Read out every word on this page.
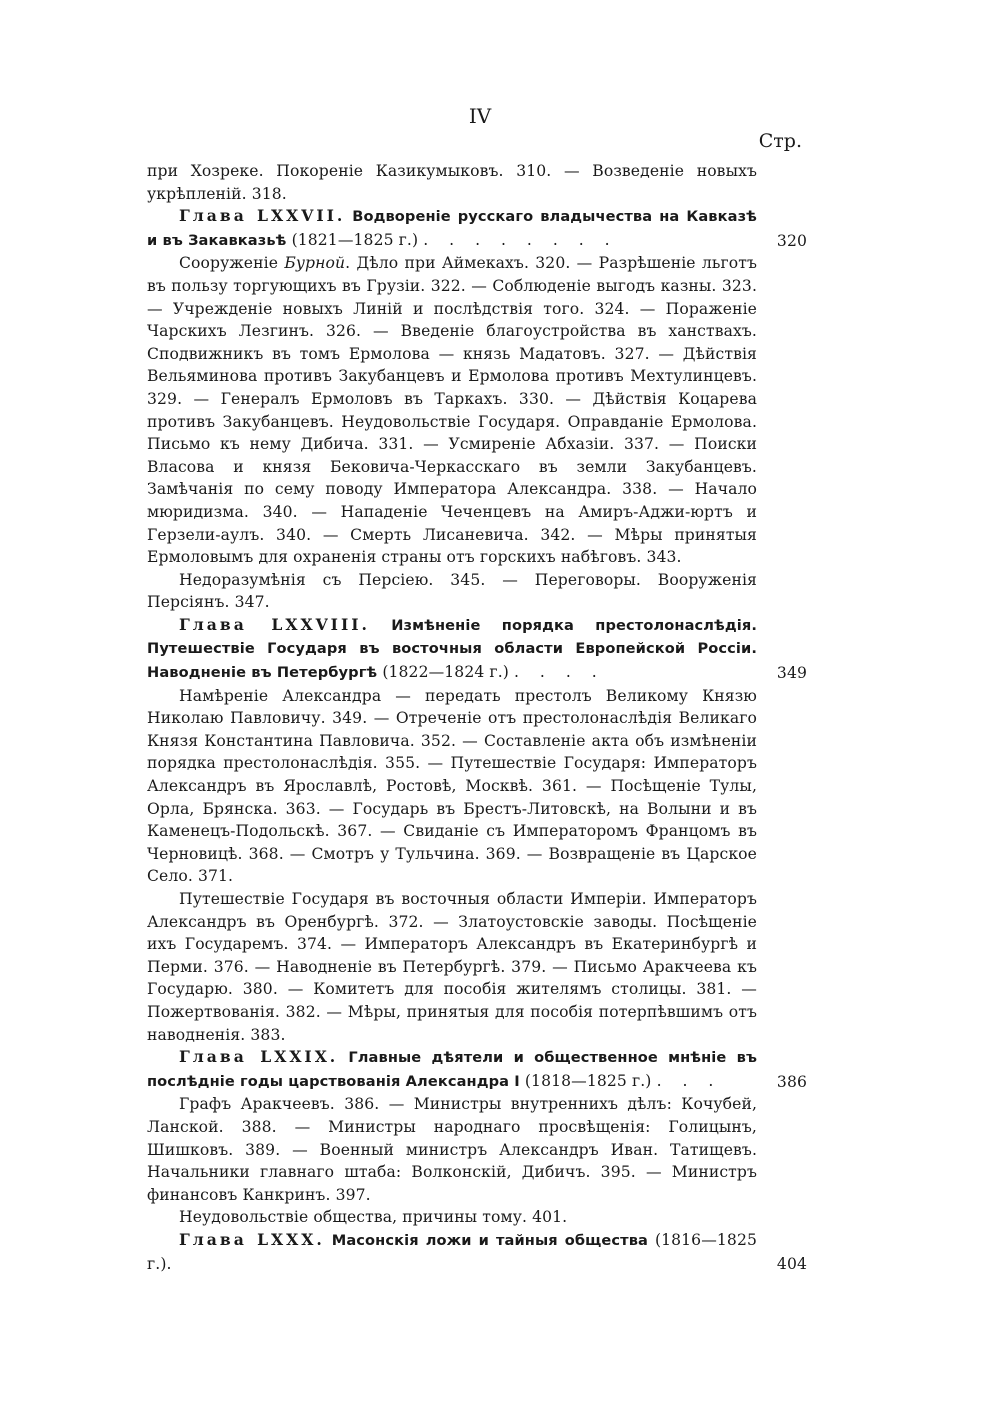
IV
Стр.

при Хозреке. Покореніе Казикумыковъ. 310. — Возведеніе новыхъ укрѣпленій. 318.

Глава LXXVII. Водвореніе русскаго владычества на Кавказѣ и въ Закавказьѣ (1821—1825 г.) . . . . . . . .	320

Сооруженіе Бурной. Дѣло при Аймекахъ. 320. — Разрѣшеніе льготъ въ пользу торгующихъ въ Грузіи. 322. — Соблюденіе выгодъ казны. 323. — Учрежденіе новыхъ Линій и послѣдствія того. 324. — Пораженіе Чарскихъ Лезгинъ. 326. — Введеніе благоустройства въ ханствахъ. Сподвижникъ въ томъ Ермолова — князь Мадатовъ. 327. — Дѣйствія Вельяминова противъ Закубанцевъ и Ермолова противъ Мехтулинцевъ. 329. — Генералъ Ермоловъ въ Таркахъ. 330. — Дѣйствія Коцарева противъ Закубанцевъ. Неудовольствіе Государя. Оправданіе Ермолова. Письмо къ нему Дибича. 331. — Усмиреніе Абхазіи. 337. — Поиски Власова и князя Бековича-Черкасскаго въ земли Закубанцевъ. Замѣчанія по сему поводу Императора Александра. 338. — Начало мюридизма. 340. — Нападеніе Чеченцевъ на Амиръ-Аджи-юртъ и Герзели-аулъ. 340. — Смерть Лисаневича. 342. — Мѣры принятыя Ермоловымъ для охраненія страны отъ горскихъ набѣговъ. 343.

Недоразумѣнія съ Персіею. 345. — Переговоры. Вооруженія Персіянъ. 347.

Глава LXXVIII. Измѣненіе порядка престолонаслѣдія. Путешествіе Государя въ восточныя области Европейской Россіи. Наводненіе въ Петербургѣ (1822—1824 г.) . . . .	349

Намѣреніе Александра — передать престолъ Великому Князю Николаю Павловичу. 349. — Отреченіе отъ престолонаслѣдія Великаго Князя Константина Павловича. 352. — Составленіе акта объ измѣненіи порядка престолонаслѣдія. 355. — Путешествіе Государя: Императоръ Александръ въ Ярославлѣ, Ростовѣ, Москвѣ. 361. — Посѣщеніе Тулы, Орла, Брянска. 363. — Государь въ Брестъ-Литовскѣ, на Волыни и въ Каменецъ-Подольскѣ. 367. — Свиданіе съ Императоромъ Францомъ въ Черновицѣ. 368. — Смотръ у Тульчина. 369. — Возвращеніе въ Царское Село. 371.

Путешествіе Государя въ восточныя области Имперіи. Императоръ Александръ въ Оренбургѣ. 372. — Златоустовскіе заводы. Посѣщеніе ихъ Государемъ. 374. — Императоръ Александръ въ Екатеринбургѣ и Перми. 376. — Наводненіе въ Петербургѣ. 379. — Письмо Аракчеева къ Государю. 380. — Комитетъ для пособія жителямъ столицы. 381. — Пожертвованія. 382. — Мѣры, принятыя для пособія потерпѣвшимъ отъ наводненія. 383.

Глава LXXIX. Главные дѣятели и общественное мнѣніе въ послѣдніе годы царствованія Александра I (1818—1825 г.) . . .	386

Графъ Аракчеевъ. 386. — Министры внутреннихъ дѣлъ: Кочубей, Ланской. 388. — Министры народнаго просвѣщенія: Голицынъ, Шишковъ. 389. — Военный министръ Александръ Иван. Татищевъ. Начальники главнаго штаба: Волконскій, Дибичъ. 395. — Министръ финансовъ Канкринъ. 397.

Неудовольствіе общества, причины тому. 401.

Глава LXXX. Масонскія ложи и тайныя общества (1816—1825 г.).	404
